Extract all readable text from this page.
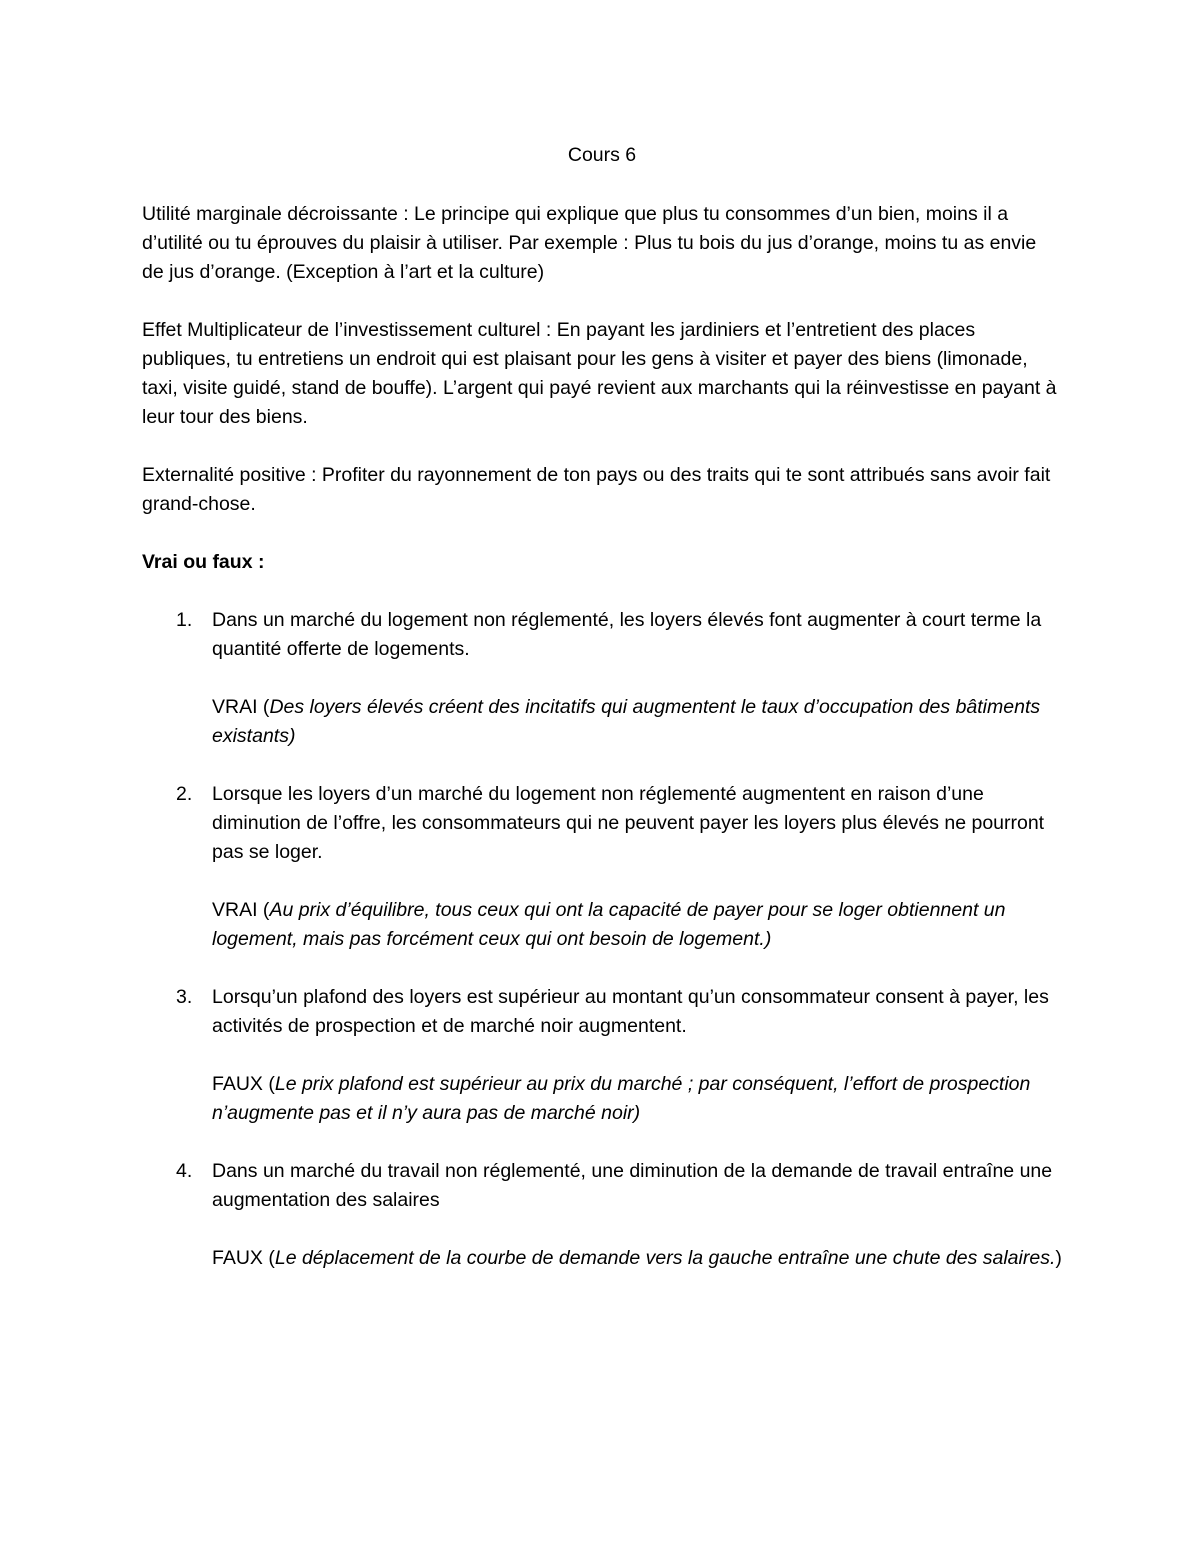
Cours 6

Utilité marginale décroissante : Le principe qui explique que plus tu consommes d’un bien, moins il a d’utilité ou tu éprouves du plaisir à utiliser. Par exemple : Plus tu bois du jus d’orange, moins tu as envie de jus d’orange. (Exception à l’art et la culture)

Effet Multiplicateur de l’investissement culturel : En payant les jardiniers et l’entretient des places publiques, tu entretiens un endroit qui est plaisant pour les gens à visiter et payer des biens (limonade, taxi, visite guidé, stand de bouffe). L’argent qui payé revient aux marchants qui la réinvestisse en payant à leur tour des biens.

Externalité positive : Profiter du rayonnement de ton pays ou des traits qui te sont attribués sans avoir fait grand-chose.

Vrai ou faux :
1. Dans un marché du logement non réglementé, les loyers élevés font augmenter à court terme la quantité offerte de logements.
VRAI (Des loyers élevés créent des incitatifs qui augmentent le taux d’occupation des bâtiments existants)
2. Lorsque les loyers d’un marché du logement non réglementé augmentent en raison d’une diminution de l’offre, les consommateurs qui ne peuvent payer les loyers plus élevés ne pourront pas se loger.
VRAI (Au prix d’équilibre, tous ceux qui ont la capacité de payer pour se loger obtiennent un logement, mais pas forcément ceux qui ont besoin de logement.)
3. Lorsqu’un plafond des loyers est supérieur au montant qu’un consommateur consent à payer, les activités de prospection et de marché noir augmentent.
FAUX (Le prix plafond est supérieur au prix du marché ; par conséquent, l’effort de prospection n’augmente pas et il n’y aura pas de marché noir)
4. Dans un marché du travail non réglementé, une diminution de la demande de travail entraîne une augmentation des salaires
FAUX (Le déplacement de la courbe de demande vers la gauche entraîne une chute des salaires.)
